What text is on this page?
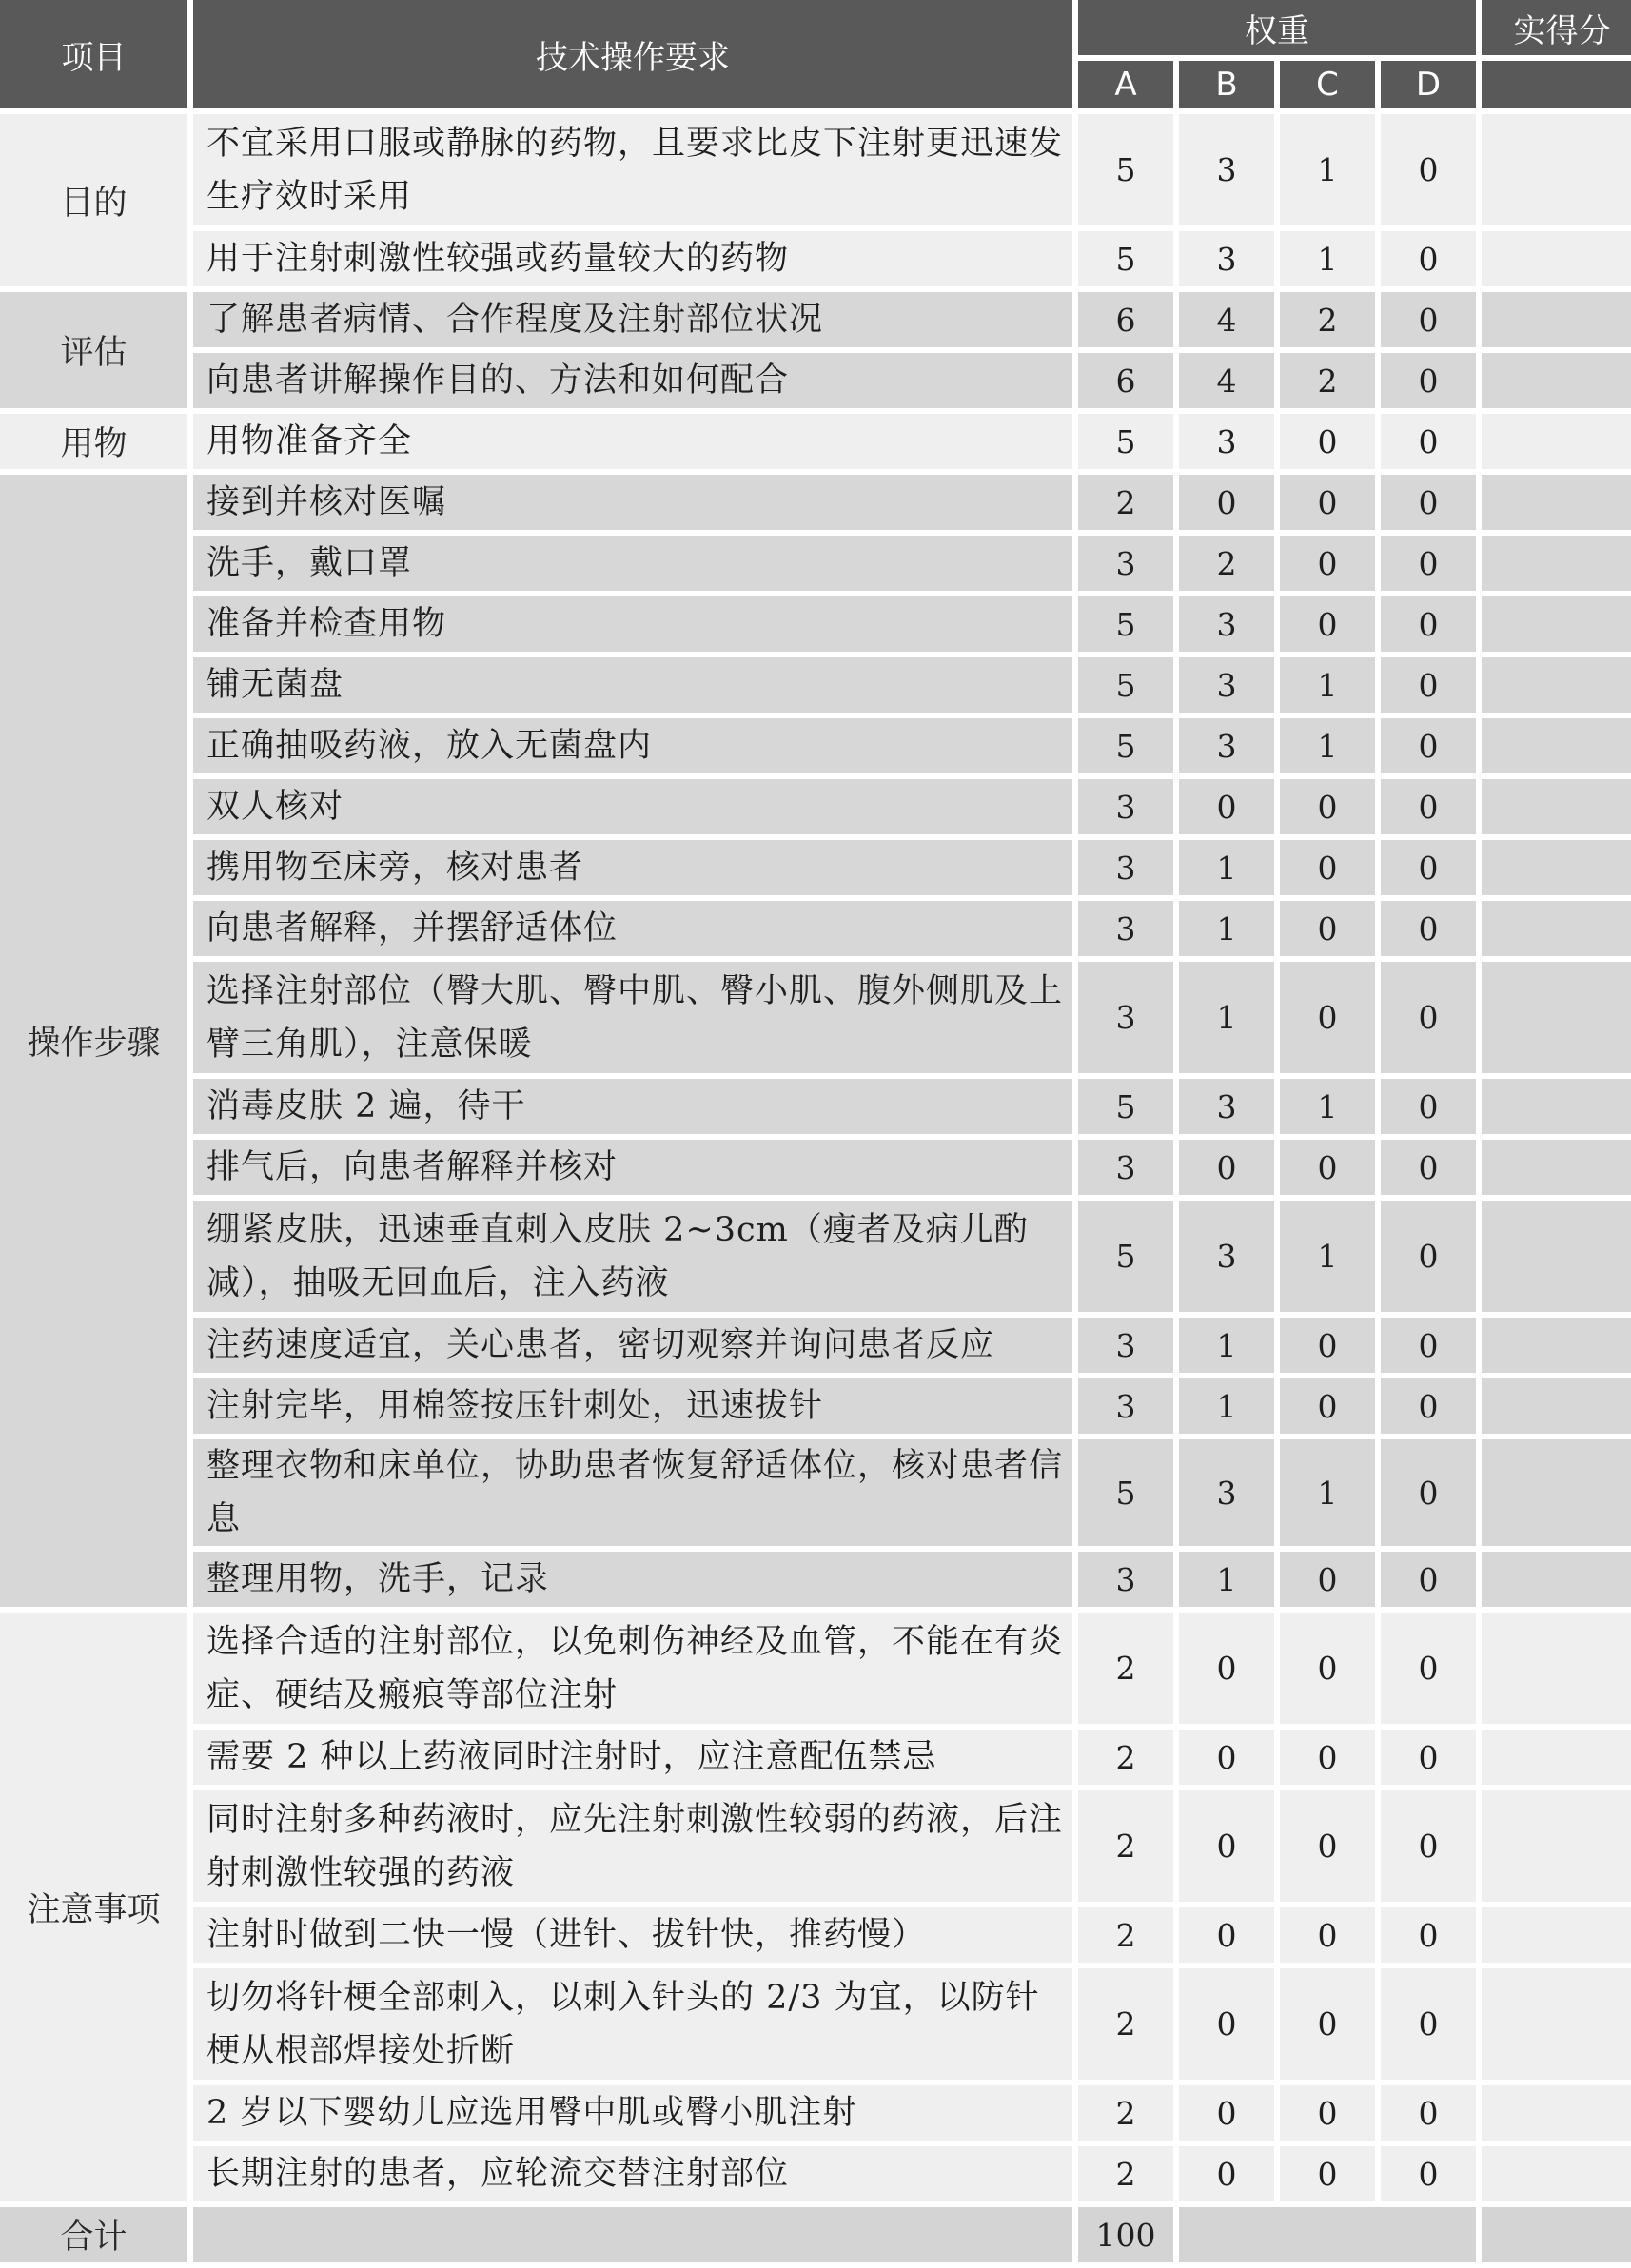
项目	技术操作要求	权重				实得分
		A	B	C	D	
目的	不宜采用口服或静脉的药物，且要求比皮下注射更迅速发生疗效时采用	5	3	1	0	
	用于注射刺激性较强或药量较大的药物	5	3	1	0	
评估	了解患者病情、合作程度及注射部位状况	6	4	2	0	
	向患者讲解操作目的、方法和如何配合	6	4	2	0	
用物	用物准备齐全	5	3	0	0	
操作步骤	接到并核对医嘱	2	0	0	0	
	洗手，戴口罩	3	2	0	0	
	准备并检查用物	5	3	0	0	
	铺无菌盘	5	3	1	0	
	正确抽吸药液，放入无菌盘内	5	3	1	0	
	双人核对	3	0	0	0	
	携用物至床旁，核对患者	3	1	0	0	
	向患者解释，并摆舒适体位	3	1	0	0	
	选择注射部位（臀大肌、臀中肌、臀小肌、腹外侧肌及上臂三角肌），注意保暖	3	1	0	0	
	消毒皮肤 2 遍，待干	5	3	1	0	
	排气后，向患者解释并核对	3	0	0	0	
	绷紧皮肤，迅速垂直刺入皮肤 2~3cm（瘦者及病儿酌减），抽吸无回血后，注入药液	5	3	1	0	
	注药速度适宜，关心患者，密切观察并询问患者反应	3	1	0	0	
	注射完毕，用棉签按压针刺处，迅速拔针	3	1	0	0	
	整理衣物和床单位，协助患者恢复舒适体位，核对患者信息	5	3	1	0	
	整理用物，洗手，记录	3	1	0	0	
注意事项	选择合适的注射部位，以免刺伤神经及血管，不能在有炎症、硬结及瘢痕等部位注射	2	0	0	0	
	需要 2 种以上药液同时注射时，应注意配伍禁忌	2	0	0	0	
	同时注射多种药液时，应先注射刺激性较弱的药液，后注射刺激性较强的药液	2	0	0	0	
	注射时做到二快一慢（进针、拔针快，推药慢）	2	0	0	0	
	切勿将针梗全部刺入，以刺入针头的 2/3 为宜，以防针梗从根部焊接处折断	2	0	0	0	
	2 岁以下婴幼儿应选用臀中肌或臀小肌注射	2	0	0	0	
	长期注射的患者，应轮流交替注射部位	2	0	0	0	
合计		100				
